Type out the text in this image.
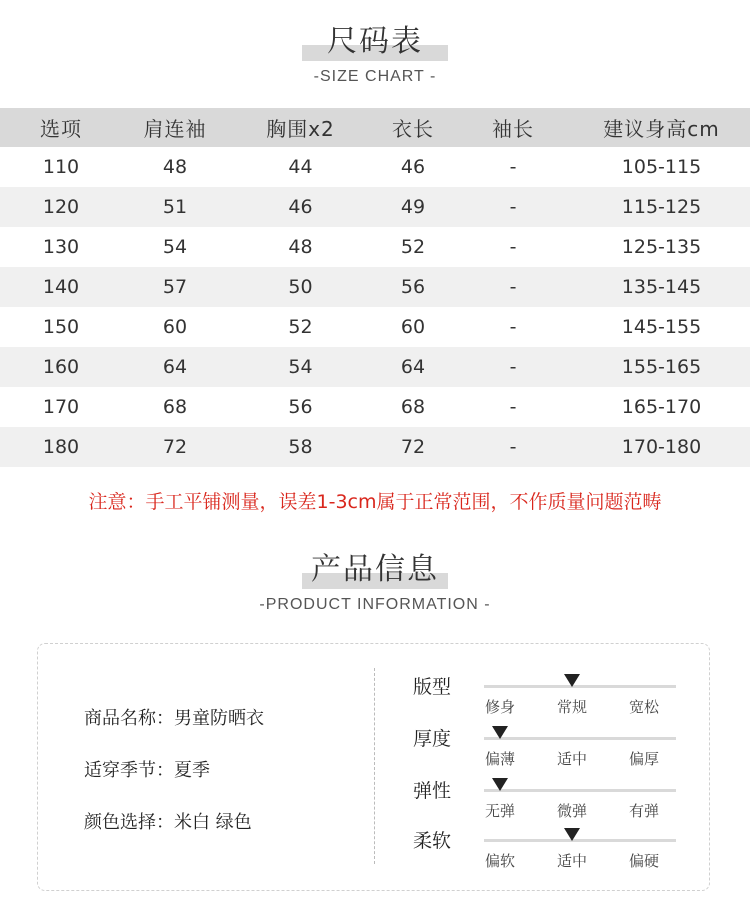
尺码表
-SIZE CHART -
选项	肩连袖	胸围x2	衣长	袖长	建议身高cm
110	48	44	46	-	105-115
120	51	46	49	-	115-125
130	54	48	52	-	125-135
140	57	50	56	-	135-145
150	60	52	60	-	145-155
160	64	54	64	-	155-165
170	68	56	68	-	165-170
180	72	58	72	-	170-180
注意：手工平铺测量，误差1-3cm属于正常范围，不作质量问题范畴
产品信息
-PRODUCT INFORMATION -
商品名称：男童防晒衣
适穿季节：夏季
颜色选择：米白 绿色
版型
修身	常规	宽松
厚度
偏薄	适中	偏厚
弹性
无弹	微弹	有弹
柔软
偏软	适中	偏硬
